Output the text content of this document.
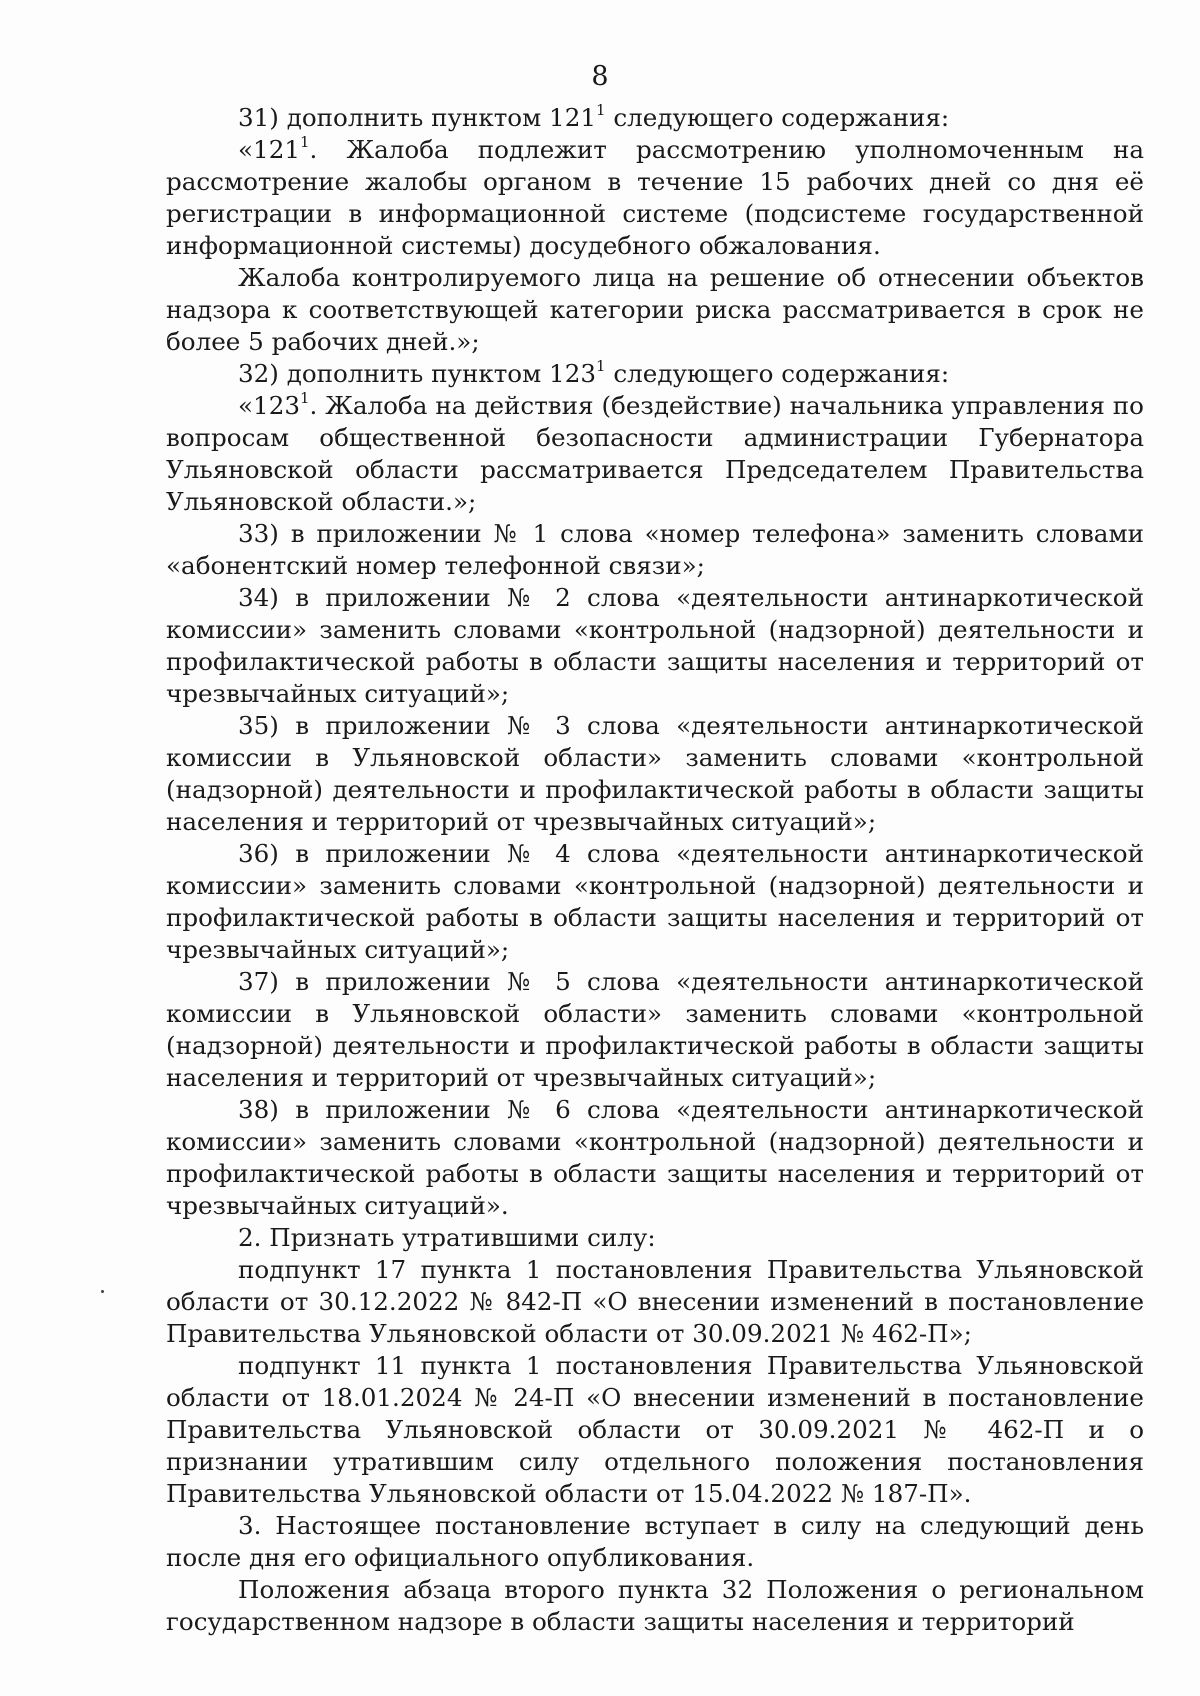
8

31) дополнить пунктом $121^1$ следующего содержания:

«$121^1$. Жалоба подлежит рассмотрению уполномоченным на рассмотрение жалобы органом в течение 15 рабочих дней со дня её регистрации в информационной системе (подсистеме государственной информационной системы) досудебного обжалования.

Жалоба контролируемого лица на решение об отнесении объектов надзора к соответствующей категории риска рассматривается в срок не более 5 рабочих дней.»;

32) дополнить пунктом $123^1$ следующего содержания:

«$123^1$. Жалоба на действия (бездействие) начальника управления по вопросам общественной безопасности администрации Губернатора Ульяновской области рассматривается Председателем Правительства Ульяновской области.»;

33) в приложении № 1 слова «номер телефона» заменить словами «абонентский номер телефонной связи»;

34) в приложении № 2 слова «деятельности антинаркотической комиссии» заменить словами «контрольной (надзорной) деятельности и профилактической работы в области защиты населения и территорий от чрезвычайных ситуаций»;

35) в приложении № 3 слова «деятельности антинаркотической комиссии в Ульяновской области» заменить словами «контрольной (надзорной) деятельности и профилактической работы в области защиты населения и территорий от чрезвычайных ситуаций»;

36) в приложении № 4 слова «деятельности антинаркотической комиссии» заменить словами «контрольной (надзорной) деятельности и профилактической работы в области защиты населения и территорий от чрезвычайных ситуаций»;

37) в приложении № 5 слова «деятельности антинаркотической комиссии в Ульяновской области» заменить словами «контрольной (надзорной) деятельности и профилактической работы в области защиты населения и территорий от чрезвычайных ситуаций»;

38) в приложении № 6 слова «деятельности антинаркотической комиссии» заменить словами «контрольной (надзорной) деятельности и профилактической работы в области защиты населения и территорий от чрезвычайных ситуаций».

2. Признать утратившими силу:

подпункт 17 пункта 1 постановления Правительства Ульяновской области от 30.12.2022 № 842-П «О внесении изменений в постановление Правительства Ульяновской области от 30.09.2021 № 462-П»;

подпункт 11 пункта 1 постановления Правительства Ульяновской области от 18.01.2024 № 24-П «О внесении изменений в постановление Правительства Ульяновской области от 30.09.2021 № 462-П и о признании утратившим силу отдельного положения постановления Правительства Ульяновской области от 15.04.2022 № 187-П».

3. Настоящее постановление вступает в силу на следующий день после дня его официального опубликования.

Положения абзаца второго пункта 32 Положения о региональном государственном надзоре в области защиты населения и территорий
